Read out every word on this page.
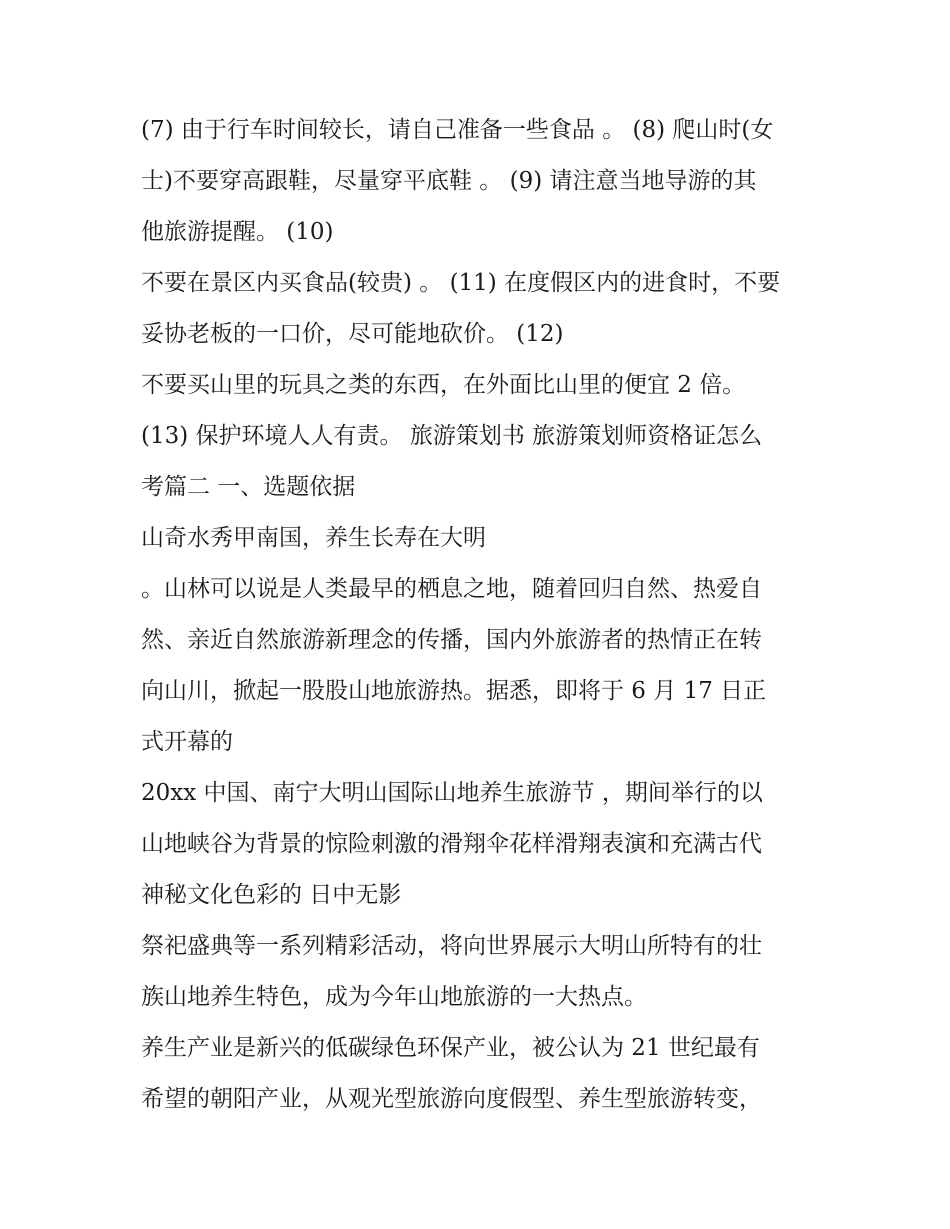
(7) 由于行车时间较长，请自己准备一些食品 。 (8) 爬山时(女
士)不要穿高跟鞋，尽量穿平底鞋 。 (9) 请注意当地导游的其
他旅游提醒。 (10)
不要在景区内买食品(较贵) 。 (11) 在度假区内的进食时，不要
妥协老板的一口价，尽可能地砍价。 (12)
不要买山里的玩具之类的东西，在外面比山里的便宜 2 倍。
(13) 保护环境人人有责。 旅游策划书 旅游策划师资格证怎么
考篇二 一、选题依据
山奇水秀甲南国，养生长寿在大明
。山林可以说是人类最早的栖息之地，随着回归自然、热爱自
然、亲近自然旅游新理念的传播，国内外旅游者的热情正在转
向山川，掀起一股股山地旅游热。据悉，即将于 6 月 17 日正
式开幕的
20xx 中国、南宁大明山国际山地养生旅游节 ，期间举行的以
山地峡谷为背景的惊险刺激的滑翔伞花样滑翔表演和充满古代
神秘文化色彩的 日中无影
祭祀盛典等一系列精彩活动，将向世界展示大明山所特有的壮
族山地养生特色，成为今年山地旅游的一大热点。
养生产业是新兴的低碳绿色环保产业，被公认为 21 世纪最有
希望的朝阳产业，从观光型旅游向度假型、养生型旅游转变，
